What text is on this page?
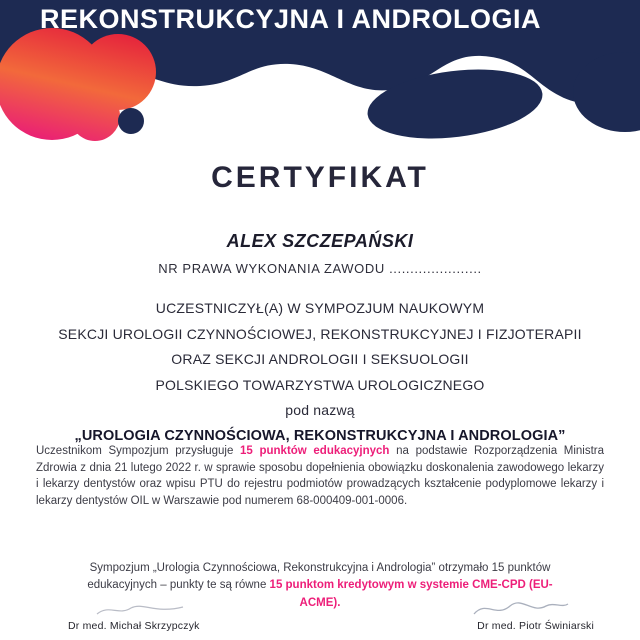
REKONSTRUKCYJNA I ANDROLOGIA
CERTYFIKAT
ALEX SZCZEPAŃSKI
NR PRAWA WYKONANIA ZAWODU ......................
UCZESTNICZYŁ(A) W SYMPOZJUM NAUKOWYM
SEKCJI UROLOGII CZYNNOŚCIOWEJ, REKONSTRUKCYJNEJ I FIZJOTERAPII
ORAZ SEKCJI ANDROLOGII I SEKSUOLOGII
POLSKIEGO TOWARZYSTWA UROLOGICZNEGO
pod nazwą
„UROLOGIA CZYNNOŚCIOWA, REKONSTRUKCYJNA I ANDROLOGIA”
Uczestnikom Sympozjum przysługuje 15 punktów edukacyjnych na podstawie Rozporządzenia Ministra Zdrowia z dnia 21 lutego 2022 r. w sprawie sposobu dopełnienia obowiązku doskonalenia zawodowego lekarzy i lekarzy dentystów oraz wpisu PTU do rejestru podmiotów prowadzących kształcenie podyplomowe lekarzy i lekarzy dentystów OIL w Warszawie pod numerem 68-000409-001-0006.
Sympozjum „Urologia Czynnościowa, Rekonstrukcyjna i Andrologia” otrzymało 15 punktów edukacyjnych – punkty te są równe 15 punktom kredytowym w systemie CME-CPD (EU-ACME).
Dr med. Michał Skrzypczyk	Dr med. Piotr Świniarski
